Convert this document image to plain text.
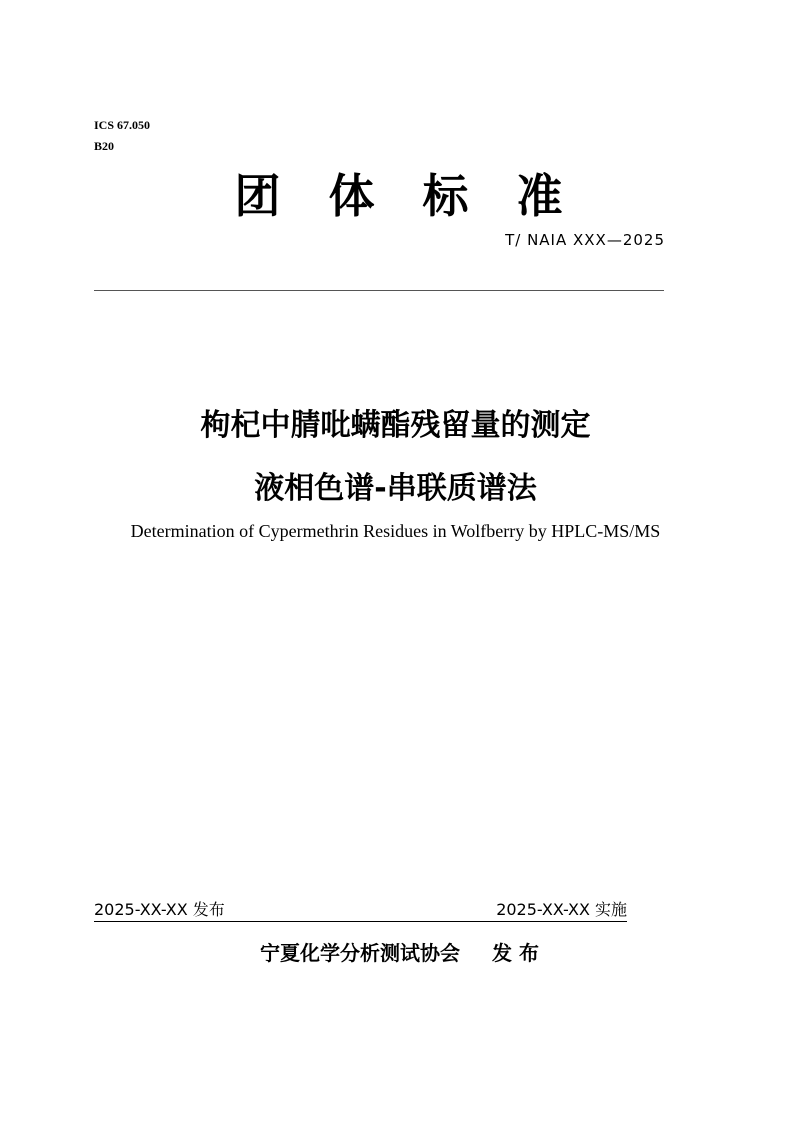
ICS 67.050
B20
团 体 标 准
T/ NAIA XXX—2025
枸杞中腈吡螨酯残留量的测定
液相色谱-串联质谱法
Determination of Cypermethrin Residues in Wolfberry by HPLC-MS/MS
2025-XX-XX 发布	2025-XX-XX 实施
宁夏化学分析测试协会 发 布
